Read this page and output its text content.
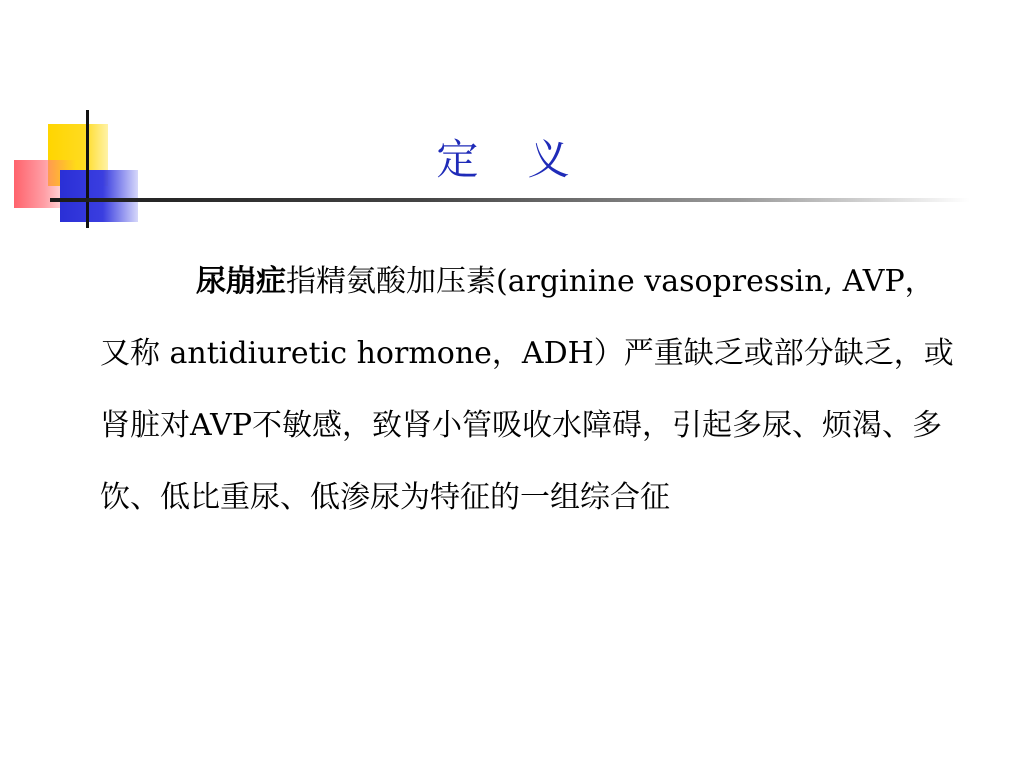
定 义

尿崩症指精氨酸加压素(arginine vasopressin, AVP，又称 antidiuretic hormone，ADH）严重缺乏或部分缺乏，或肾脏对AVP不敏感，致肾小管吸收水障碍，引起多尿、烦渴、多饮、低比重尿、低渗尿为特征的一组综合征
